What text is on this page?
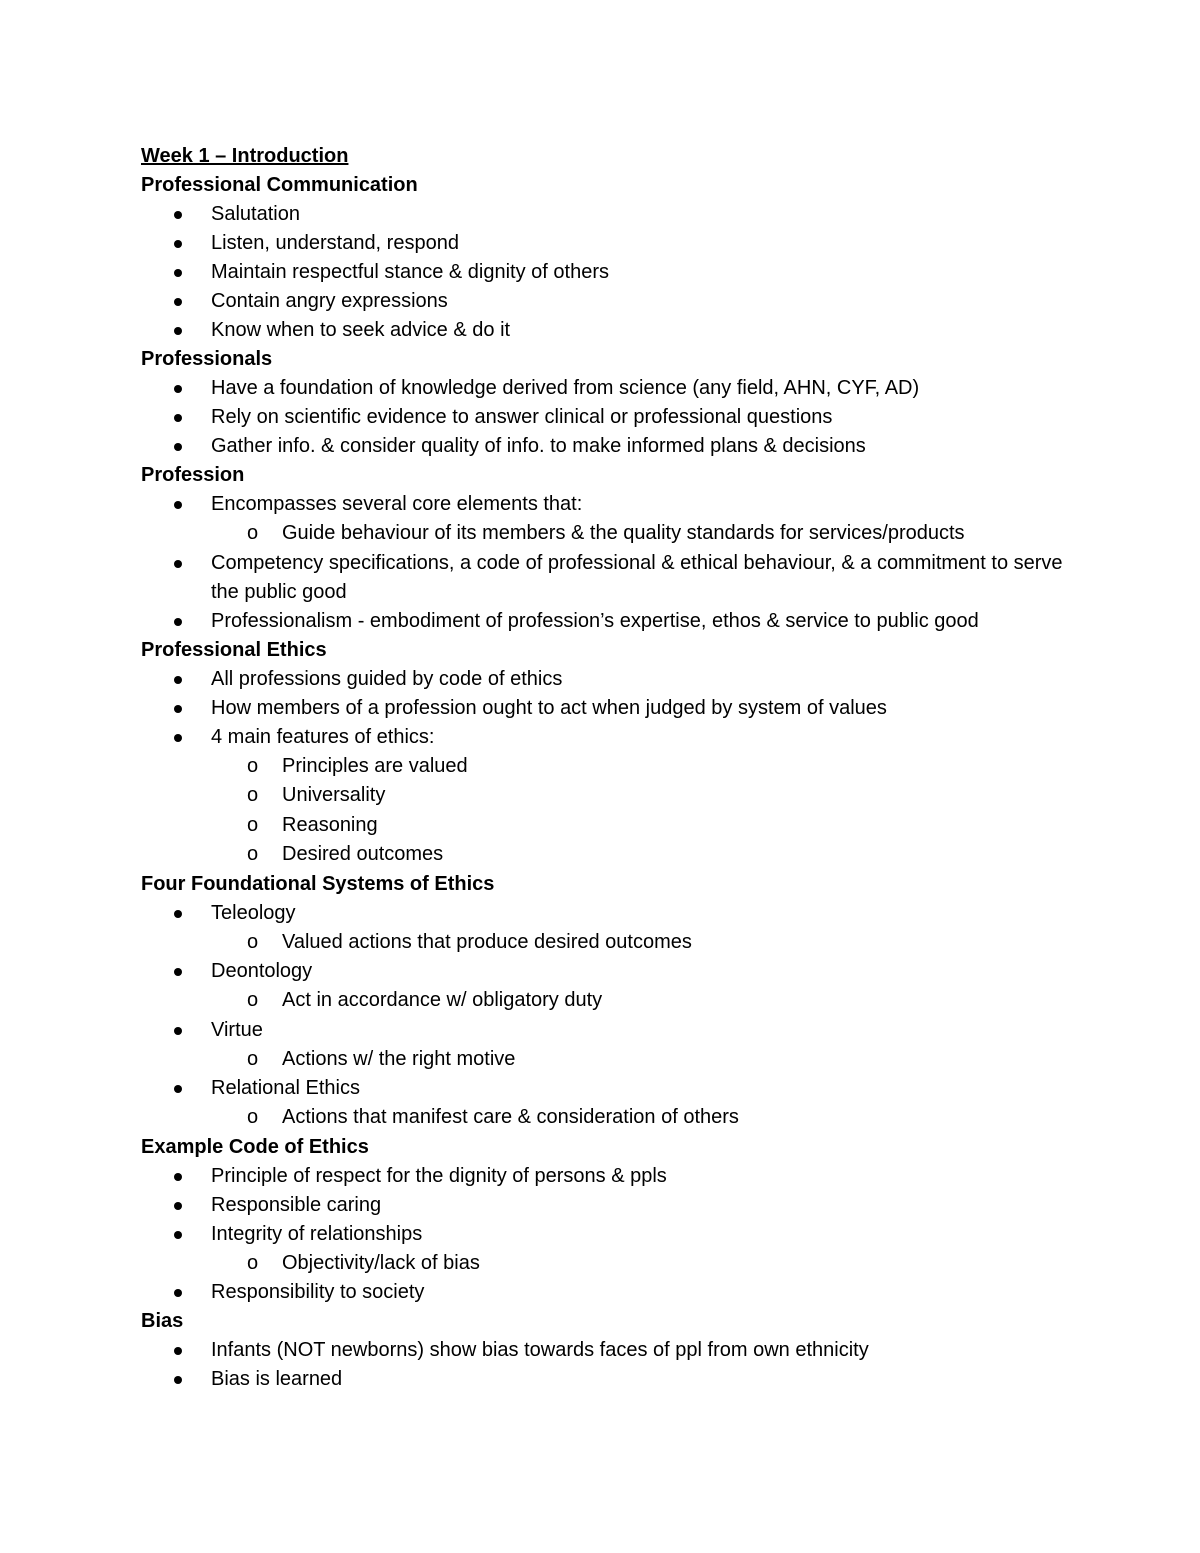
Week 1 – Introduction
Professional Communication
Salutation
Listen, understand, respond
Maintain respectful stance & dignity of others
Contain angry expressions
Know when to seek advice & do it
Professionals
Have a foundation of knowledge derived from science (any field, AHN, CYF, AD)
Rely on scientific evidence to answer clinical or professional questions
Gather info. & consider quality of info. to make informed plans & decisions
Profession
Encompasses several core elements that:
o Guide behaviour of its members & the quality standards for services/products
Competency specifications, a code of professional & ethical behaviour, & a commitment to serve the public good
Professionalism - embodiment of profession’s expertise, ethos & service to public good
Professional Ethics
All professions guided by code of ethics
How members of a profession ought to act when judged by system of values
4 main features of ethics:
o Principles are valued
o Universality
o Reasoning
o Desired outcomes
Four Foundational Systems of Ethics
Teleology
o Valued actions that produce desired outcomes
Deontology
o Act in accordance w/ obligatory duty
Virtue
o Actions w/ the right motive
Relational Ethics
o Actions that manifest care & consideration of others
Example Code of Ethics
Principle of respect for the dignity of persons & ppls
Responsible caring
Integrity of relationships
o Objectivity/lack of bias
Responsibility to society
Bias
Infants (NOT newborns) show bias towards faces of ppl from own ethnicity
Bias is learned
